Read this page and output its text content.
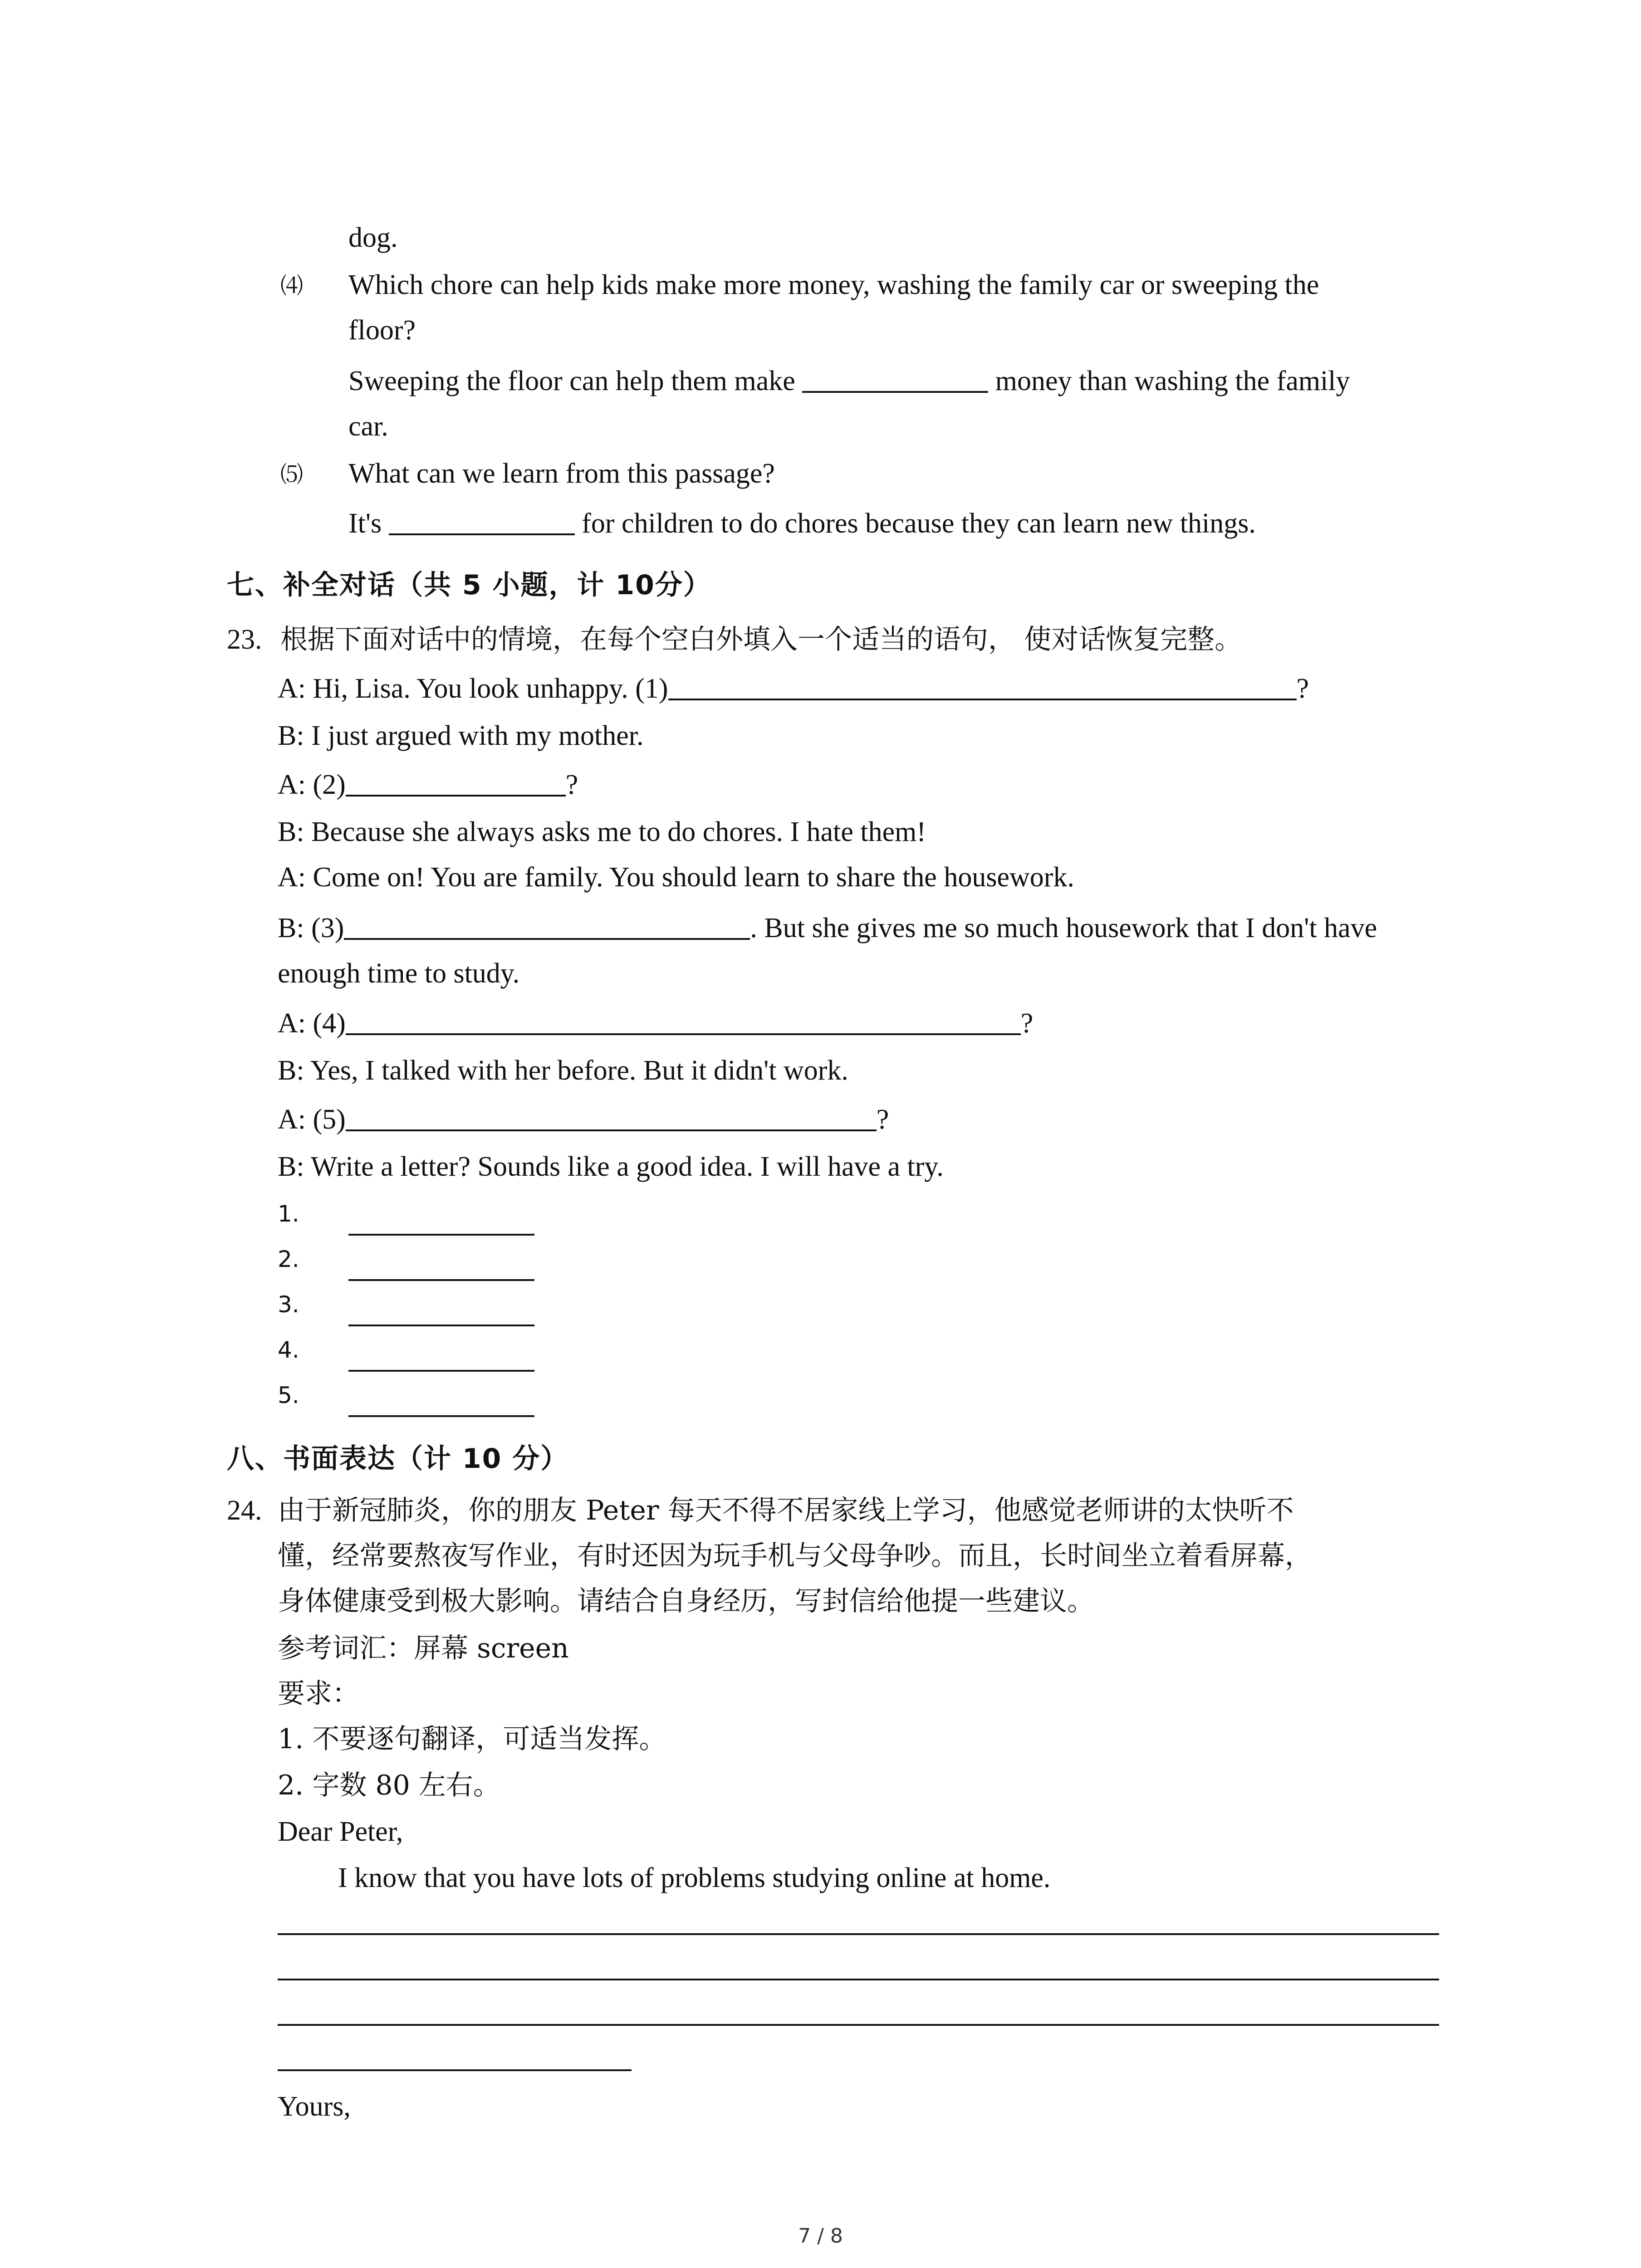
dog.
⑷ Which chore can help kids make more money, washing the family car or sweeping the
floor?
Sweeping the floor can help them make	money than washing the family
car.
⑸ What can we learn from this passage?
It's	for children to do chores because they can learn new things.
七、补全对话（共 5 小题，计 10分）
23. 根据下面对话中的情境，在每个空白外填入一个适当的语句， 使对话恢复完整。
A: Hi, Lisa. You look unhappy. (1)	?
B: I just argued with my mother.
A: (2)	?
B: Because she always asks me to do chores. I hate them!
A: Come on! You are family. You should learn to share the housework.
B: (3)	. But she gives me so much housework that I don't have
enough time to study.
A: (4)	?
B: Yes, I talked with her before. But it didn't work.
A: (5)	?
B: Write a letter? Sounds like a good idea. I will have a try.
1.
2.
3.
4.
5.
八、书面表达（计 10 分）
24. 由于新冠肺炎，你的朋友 Peter 每天不得不居家线上学习，他感觉老师讲的太快听不
懂，经常要熬夜写作业，有时还因为玩手机与父母争吵。而且，长时间坐立着看屏幕，
身体健康受到极大影响。请结合自身经历，写封信给他提一些建议。
参考词汇：屏幕 screen
要求：
1. 不要逐句翻译，可适当发挥。
2. 字数 80 左右。
Dear Peter,
I know that you have lots of problems studying online at home.
Yours,
7 / 8
